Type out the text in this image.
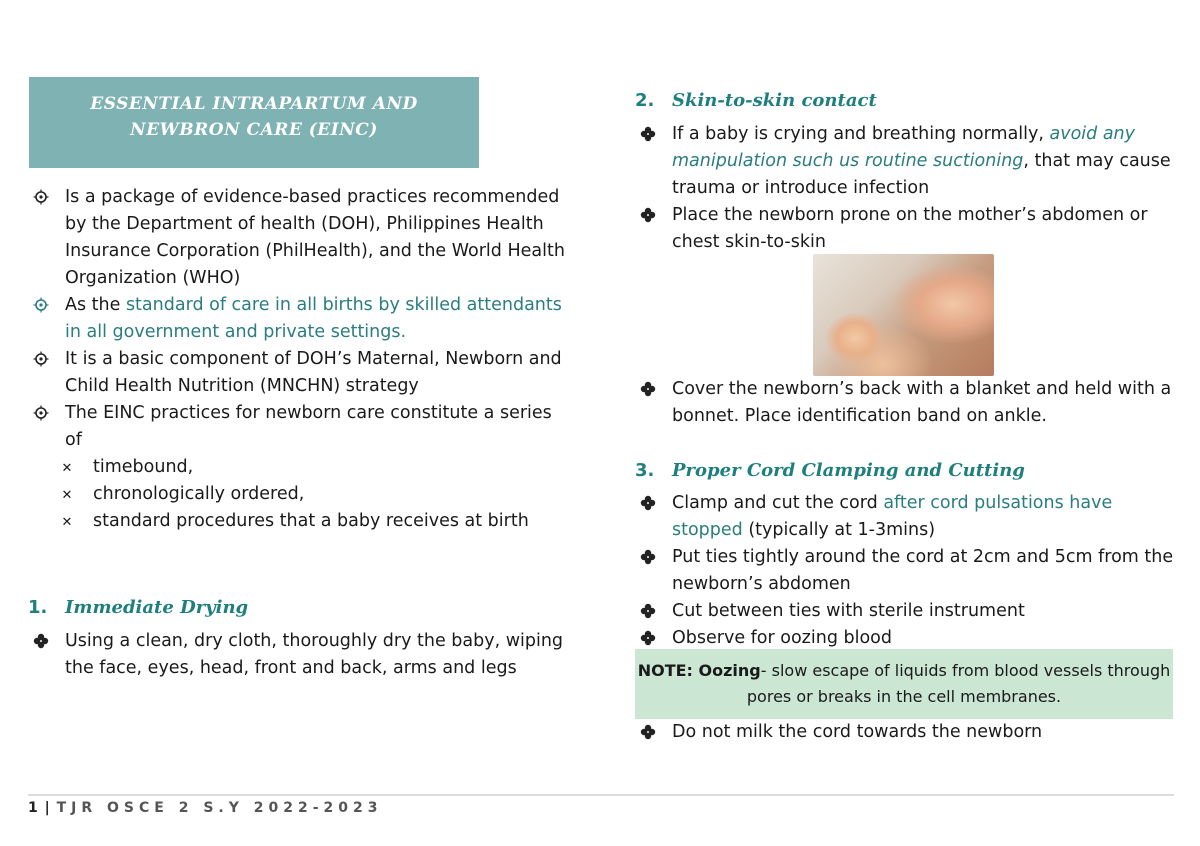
ESSENTIAL INTRAPARTUM AND
NEWBRON CARE (EINC)
Is a package of evidence-based practices recommended by the Department of health (DOH), Philippines Health Insurance Corporation (PhilHealth), and the World Health Organization (WHO)
As the standard of care in all births by skilled attendants in all government and private settings.
It is a basic component of DOH’s Maternal, Newborn and Child Health Nutrition (MNCHN) strategy
The EINC practices for newborn care constitute a series of
✕ timebound,
✕ chronologically ordered,
✕ standard procedures that a baby receives at birth
1. Immediate Drying
Using a clean, dry cloth, thoroughly dry the baby, wiping the face, eyes, head, front and back, arms and legs
2. Skin-to-skin contact
If a baby is crying and breathing normally, avoid any manipulation such us routine suctioning, that may cause trauma or introduce infection
Place the newborn prone on the mother’s abdomen or chest skin-to-skin
Cover the newborn’s back with a blanket and held with a bonnet. Place identification band on ankle.
3. Proper Cord Clamping and Cutting
Clamp and cut the cord after cord pulsations have stopped (typically at 1-3mins)
Put ties tightly around the cord at 2cm and 5cm from the newborn’s abdomen
Cut between ties with sterile instrument
Observe for oozing blood
NOTE: Oozing- slow escape of liquids from blood vessels through pores or breaks in the cell membranes.
Do not milk the cord towards the newborn
1 | TJR OSCE 2 S.Y 2022-2023
